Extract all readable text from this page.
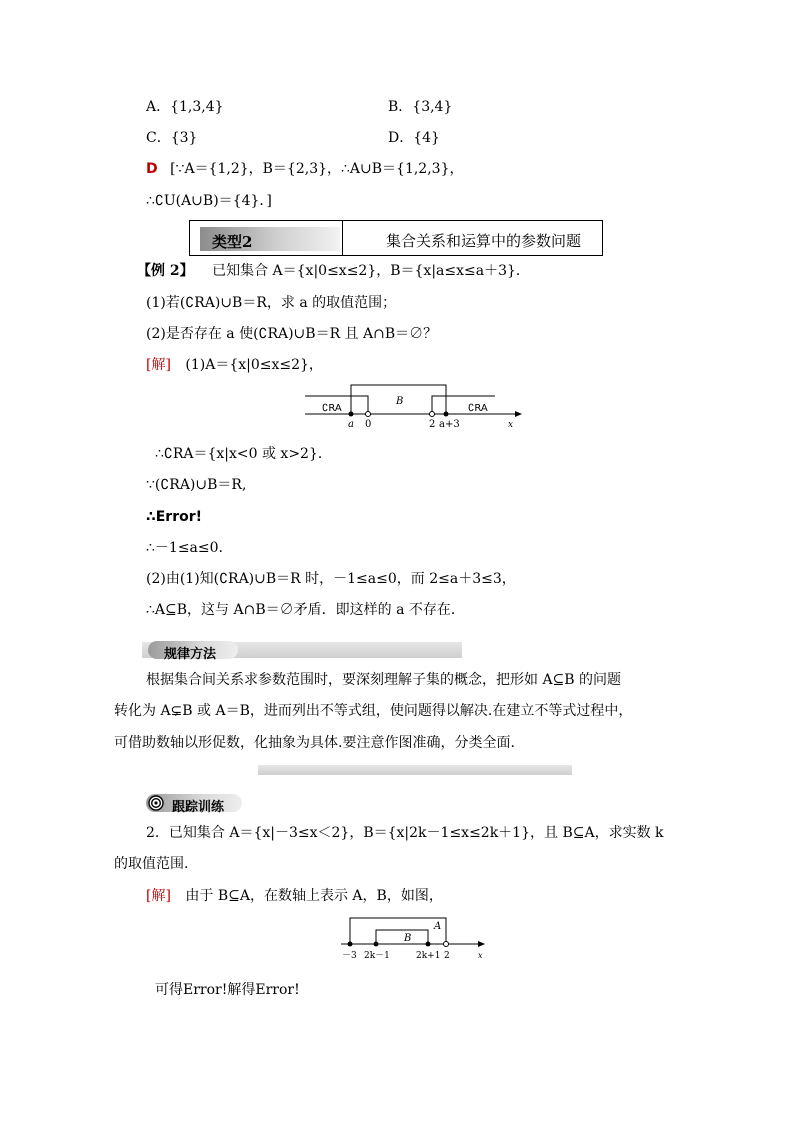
A．{1,3,4}	B．{3,4}
C．{3}	D．{4}
D [∵A＝{1,2}，B＝{2,3}，∴A∪B＝{1,2,3}，
∴∁U(A∪B)＝{4}．]
类型2	集合关系和运算中的参数问题
【例 2】 已知集合 A＝{x|0≤x≤2}，B＝{x|a≤x≤a＋3}．
(1)若(∁RA)∪B＝R，求 a 的取值范围；
(2)是否存在 a 使(∁RA)∪B＝R 且 A∩B＝∅？
[解] (1)A＝{x|0≤x≤2}，
∁RA
B
∁RA
a 0	2 a+3	x
∴∁RA＝{x|x<0 或 x>2}．
∵(∁RA)∪B＝R,
∴Error!
∴－1≤a≤0.
(2)由(1)知(∁RA)∪B＝R 时，－1≤a≤0，而 2≤a＋3≤3，
∴A⊆B，这与 A∩B＝∅矛盾．即这样的 a 不存在．
规律方法
根据集合间关系求参数范围时，要深刻理解子集的概念，把形如 A⊆B 的问题
转化为 A⊊B 或 A＝B，进而列出不等式组，使问题得以解决.在建立不等式过程中，
可借助数轴以形促数，化抽象为具体.要注意作图准确，分类全面.
跟踪训练
2．已知集合 A＝{x|－3≤x＜2}，B＝{x|2k－1≤x≤2k＋1}，且 B⊆A，求实数 k
的取值范围.
[解] 由于 B⊆A，在数轴上表示 A，B，如图，
A
B
－3 2k－1	2k+1 2	x
可得Error!解得Error!
